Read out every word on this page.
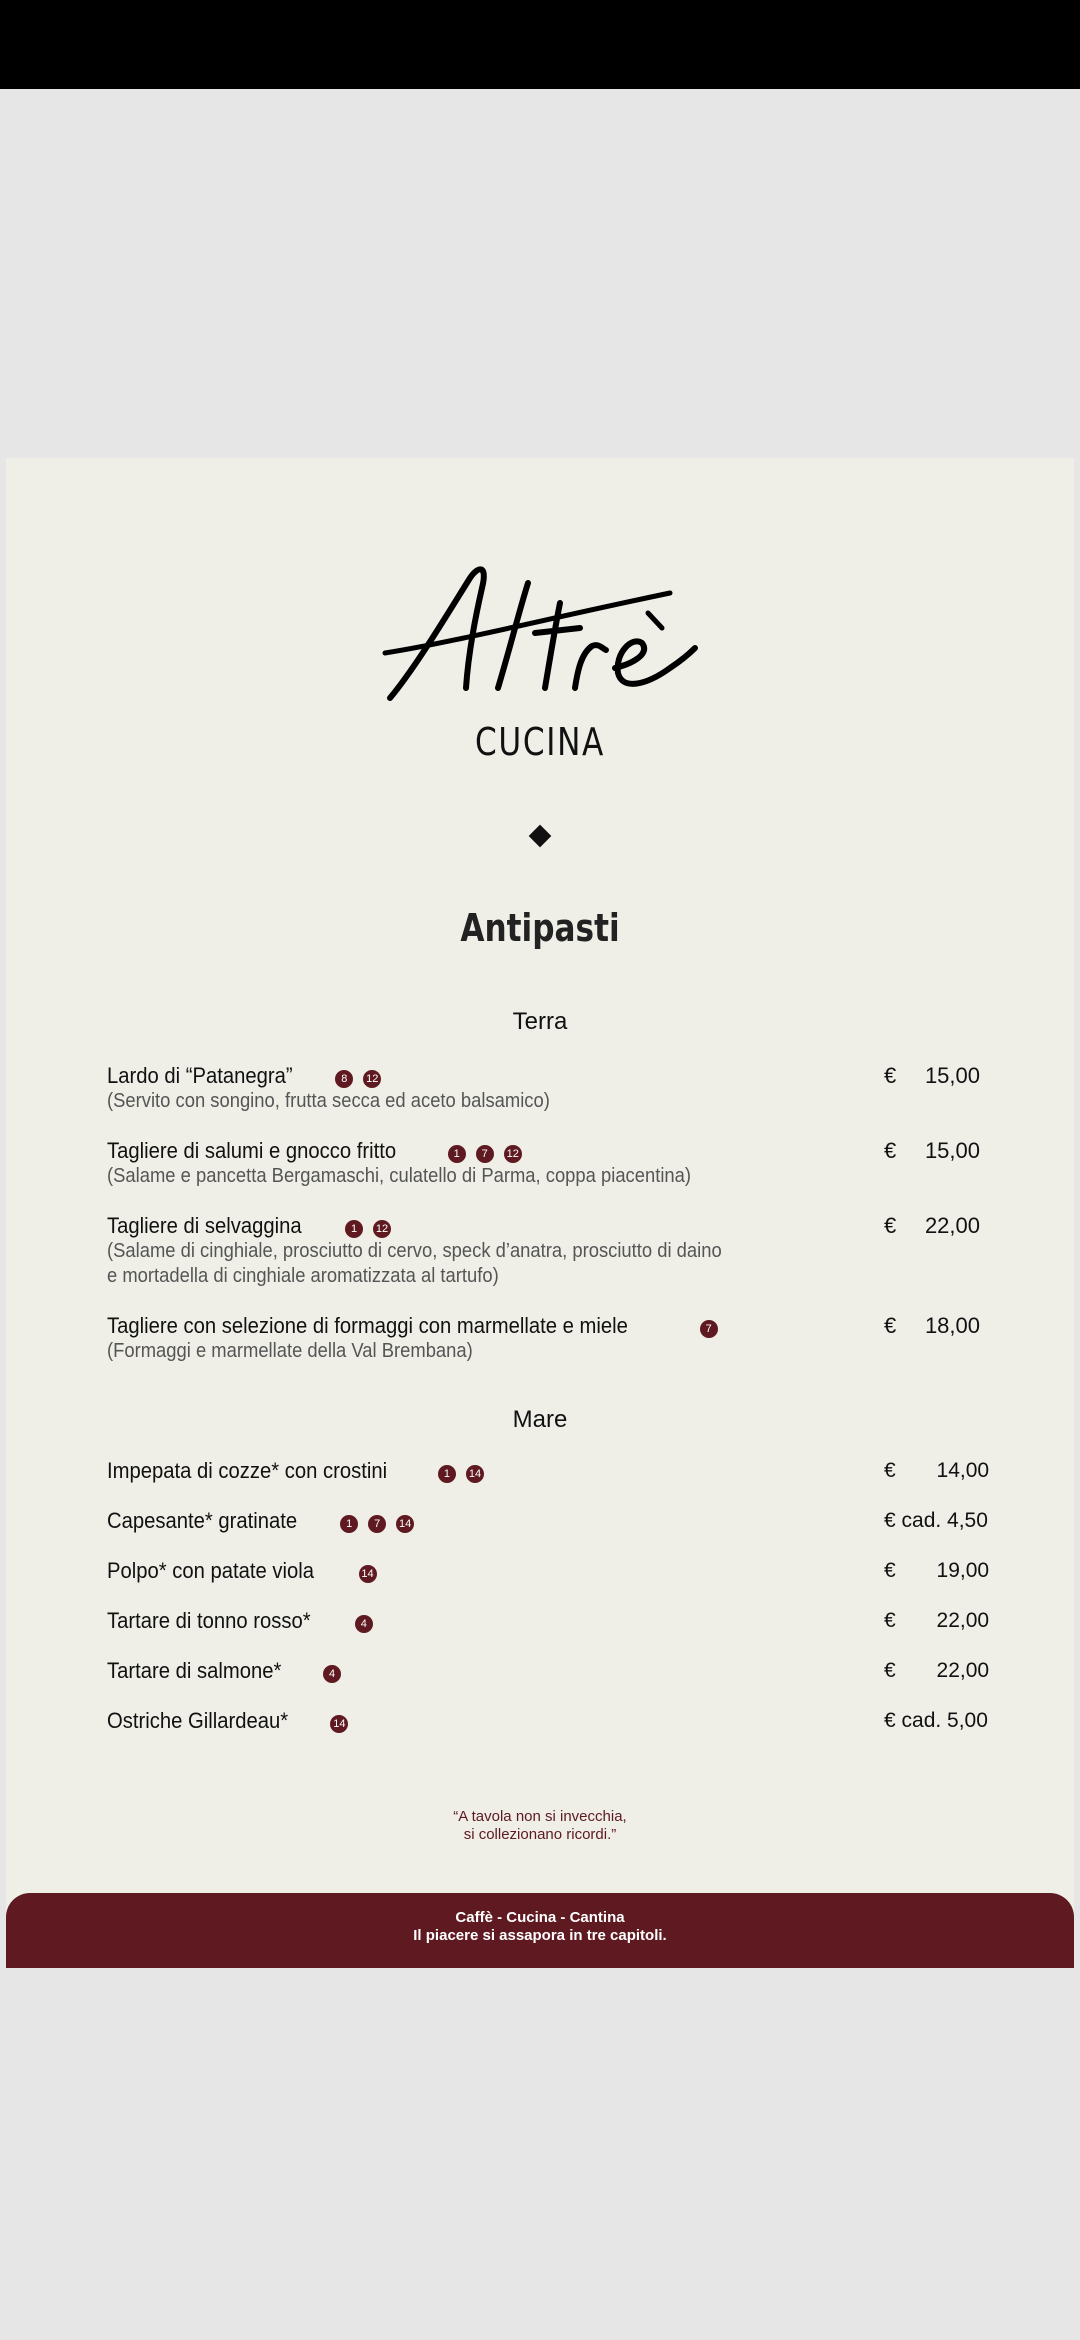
CUCINA
Antipasti
Terra
Lardo di “Patanegra”	8 12
(Servito con songino, frutta secca ed aceto balsamico)
€ 15,00
Tagliere di salumi e gnocco fritto	1 7 12
(Salame e pancetta Bergamaschi, culatello di Parma, coppa piacentina)
€ 15,00
Tagliere di selvaggina	1 12
(Salame di cinghiale, prosciutto di cervo, speck d’anatra, prosciutto di daino
e mortadella di cinghiale aromatizzata al tartufo)
€ 22,00
Tagliere con selezione di formaggi con marmellate e miele	7
(Formaggi e marmellate della Val Brembana)
€ 18,00
Mare
Impepata di cozze* con crostini	1 14	€       14,00
Capesante* gratinate	1 7 14	€ cad. 4,50
Polpo* con patate viola	14	€       19,00
Tartare di tonno rosso*	4	€       22,00
Tartare di salmone*	4	€       22,00
Ostriche Gillardeau*	14	€ cad. 5,00
“A tavola non si invecchia,
si collezionano ricordi.”
Caffè - Cucina - Cantina
Il piacere si assapora in tre capitoli.
